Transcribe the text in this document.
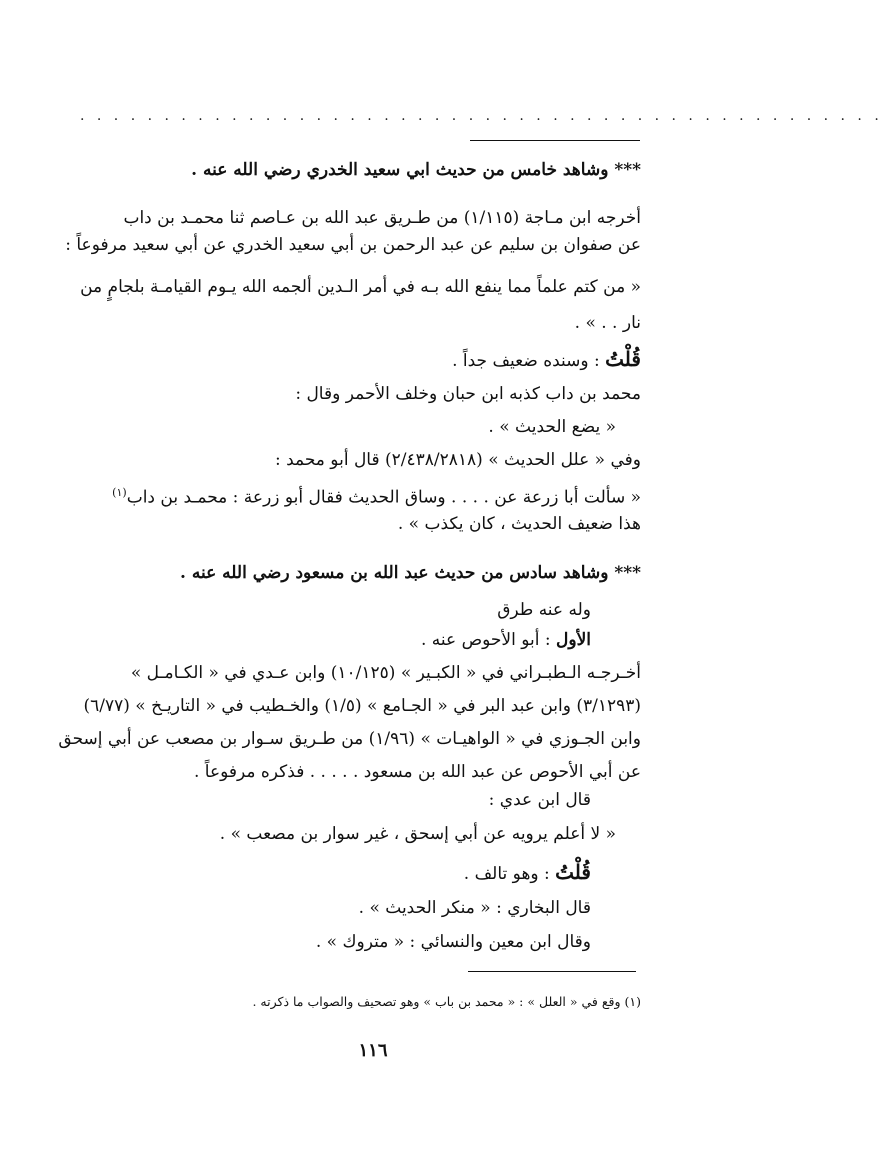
. . . . . . . . . . . . . . . . . . . . . . . . . . . . . . . . . . . . . . . . . . . . . . . .
*** وشاهد خامس من حديث ابي سعيد الخدري رضي الله عنه .
أخرجه ابن مـاجة (١/١١٥) من طـريق عبد الله بن عـاصم ثنا محمـد بن داب
عن صفوان بن سليم عن عبد الرحمن بن أبي سعيد الخدري عن أبي سعيد مرفوعاً :
« من كتم علماً مما ينفع الله بـه في أمر الـدين ألجمه الله يـوم القيامـة بلجامٍ من
نار . . » .
قُلْتُ : وسنده ضعيف جداً .
محمد بن داب كذبه ابن حبان وخلف الأحمر وقال :
« يضع الحديث » .
وفي « علل الحديث » (٢/٤٣٨/٢٨١٨) قال أبو محمد :
« سألت أبا زرعة عن . . . . وساق الحديث فقال أبو زرعة : محمـد بن داب$^{(١)}$
هذا ضعيف الحديث ، كان يكذب » .
*** وشاهد سادس من حديث عبد الله بن مسعود رضي الله عنه .
وله عنه طرق
الأول : أبو الأحوص عنه .
أخـرجـه الـطبـراني في « الكبـير » (١٠/١٢٥) وابن عـدي في « الكـامـل »
(٣/١٢٩٣) وابن عبد البر في « الجـامع » (١/٥) والخـطيب في « التاريـخ » (٦/٧٧)
وابن الجـوزي في « الواهيـات » (١/٩٦) من طـريق سـوار بن مصعب عن أبي إسحق
عن أبي الأحوص عن عبد الله بن مسعود . . . . . فذكره مرفوعاً .
قال ابن عدي :
« لا أعلم يرويه عن أبي إسحق ، غير سوار بن مصعب » .
قُلْتُ : وهو تالف .
قال البخاري : « منكر الحديث » .
وقال ابن معين والنسائي : « متروك » .
(١) وقع في « العلل » : « محمد بن باب » وهو تصحيف والصواب ما ذكرته .
١١٦
